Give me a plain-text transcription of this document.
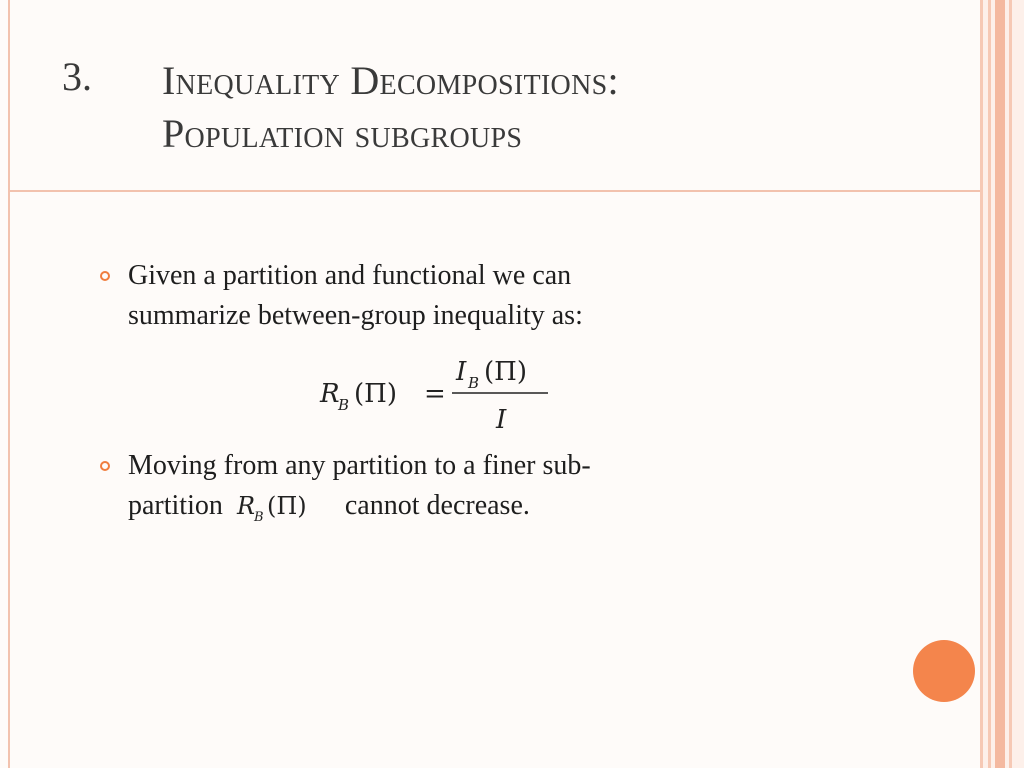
3. Inequality Decompositions:
Population subgroups
Given a partition and functional we can
summarize between-group inequality as:
R
B (Π) =
I B (Π)
I
Moving from any partition to a finer sub-
partition R
B (Π) cannot decrease.
